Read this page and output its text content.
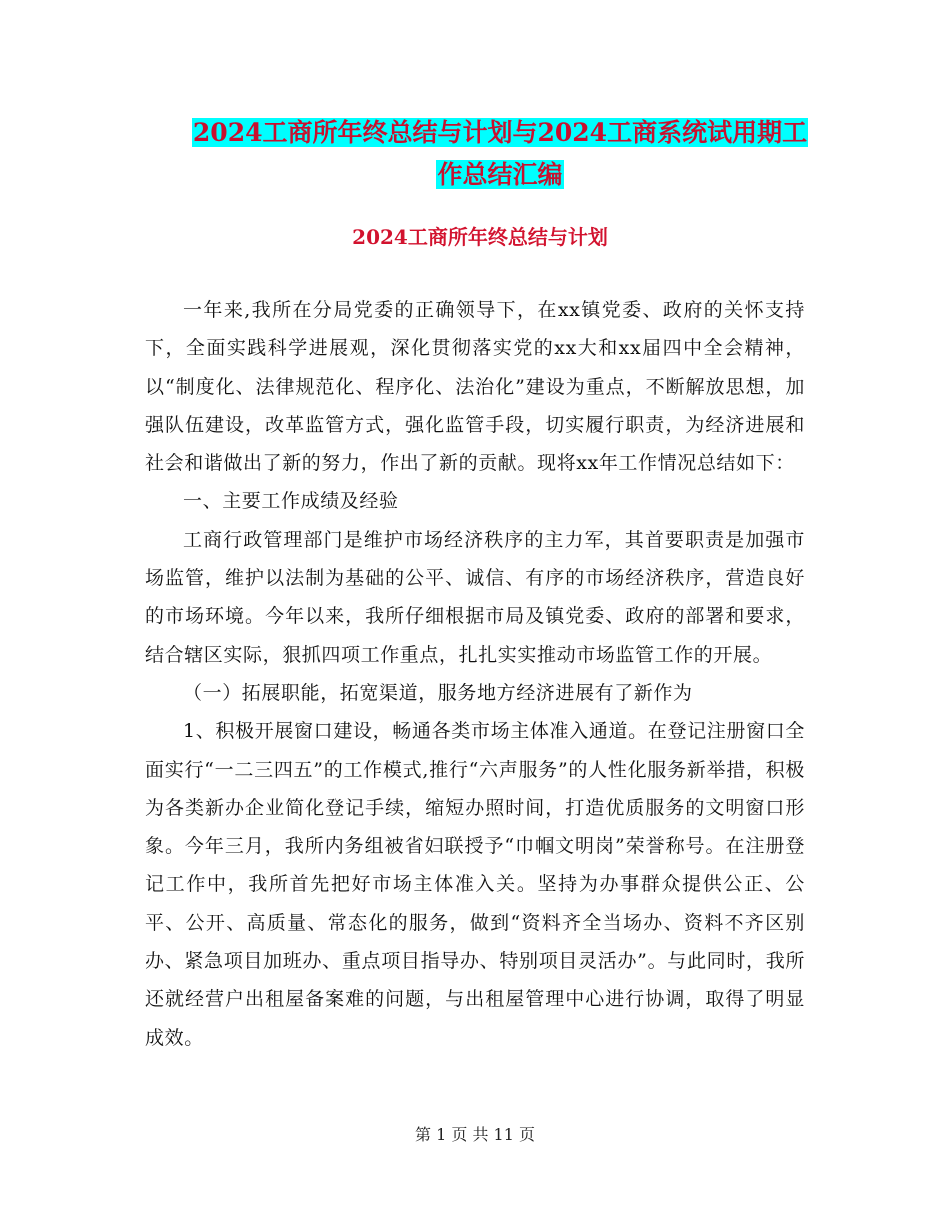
2024工商所年终总结与计划与2024工商系统试用期工
作总结汇编
2024工商所年终总结与计划

一年来,我所在分局党委的正确领导下，在xx镇党委、政府的关怀支持下，全面实践科学进展观，深化贯彻落实党的xx大和xx届四中全会精神，以“制度化、法律规范化、程序化、法治化”建设为重点，不断解放思想，加强队伍建设，改革监管方式，强化监管手段，切实履行职责，为经济进展和社会和谐做出了新的努力，作出了新的贡献。现将xx年工作情况总结如下：

一、主要工作成绩及经验

工商行政管理部门是维护市场经济秩序的主力军，其首要职责是加强市场监管，维护以法制为基础的公平、诚信、有序的市场经济秩序，营造良好的市场环境。今年以来，我所仔细根据市局及镇党委、政府的部署和要求，结合辖区实际，狠抓四项工作重点，扎扎实实推动市场监管工作的开展。

（一）拓展职能，拓宽渠道，服务地方经济进展有了新作为

1、积极开展窗口建设，畅通各类市场主体准入通道。在登记注册窗口全面实行“一二三四五”的工作模式,推行“六声服务”的人性化服务新举措，积极为各类新办企业简化登记手续，缩短办照时间，打造优质服务的文明窗口形象。今年三月，我所内务组被省妇联授予“巾帼文明岗”荣誉称号。在注册登记工作中，我所首先把好市场主体准入关。坚持为办事群众提供公正、公平、公开、高质量、常态化的服务，做到“资料齐全当场办、资料不齐区别办、紧急项目加班办、重点项目指导办、特别项目灵活办”。与此同时，我所还就经营户出租屋备案难的问题，与出租屋管理中心进行协调，取得了明显成效。

第 1 页 共 11 页
